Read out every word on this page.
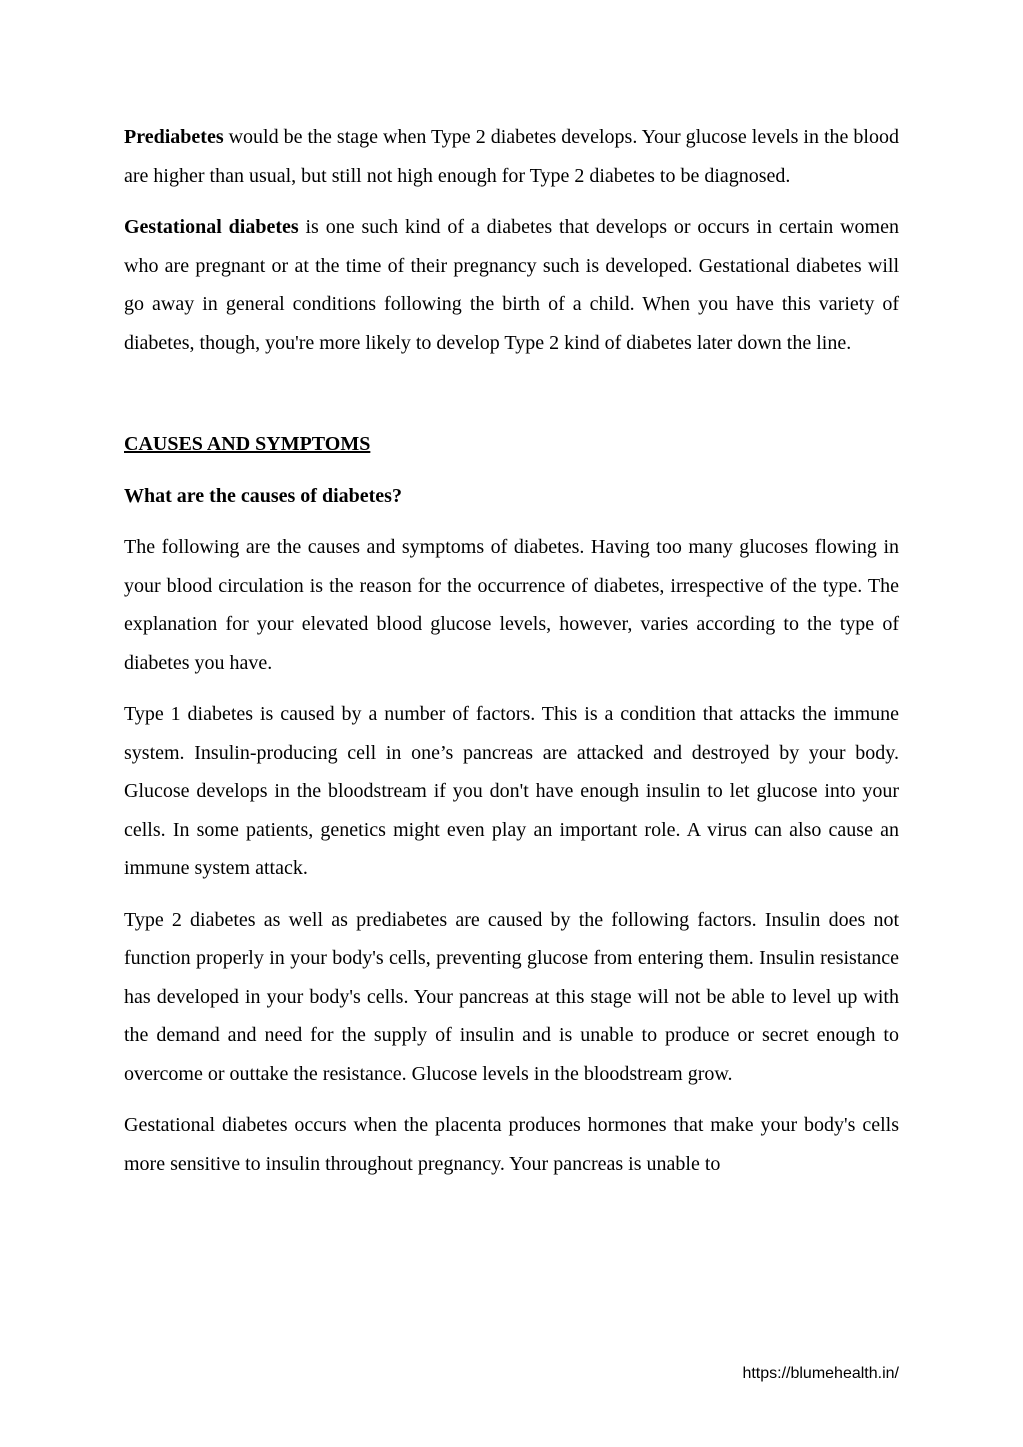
Prediabetes would be the stage when Type 2 diabetes develops. Your glucose levels in the blood are higher than usual, but still not high enough for Type 2 diabetes to be diagnosed.

Gestational diabetes is one such kind of a diabetes that develops or occurs in certain women who are pregnant or at the time of their pregnancy such is developed. Gestational diabetes will go away in general conditions following the birth of a child. When you have this variety of diabetes, though, you're more likely to develop Type 2 kind of diabetes later down the line.

CAUSES AND SYMPTOMS
What are the causes of diabetes?

The following are the causes and symptoms of diabetes. Having too many glucoses flowing in your blood circulation is the reason for the occurrence of diabetes, irrespective of the type. The explanation for your elevated blood glucose levels, however, varies according to the type of diabetes you have.

Type 1 diabetes is caused by a number of factors. This is a condition that attacks the immune system. Insulin-producing cell in one’s pancreas are attacked and destroyed by your body. Glucose develops in the bloodstream if you don't have enough insulin to let glucose into your cells. In some patients, genetics might even play an important role. A virus can also cause an immune system attack.

Type 2 diabetes as well as prediabetes are caused by the following factors. Insulin does not function properly in your body's cells, preventing glucose from entering them. Insulin resistance has developed in your body's cells. Your pancreas at this stage will not be able to level up with the demand and need for the supply of insulin and is unable to produce or secret enough to overcome or outtake the resistance. Glucose levels in the bloodstream grow.

Gestational diabetes occurs when the placenta produces hormones that make your body's cells more sensitive to insulin throughout pregnancy. Your pancreas is unable to

https://blumehealth.in/
